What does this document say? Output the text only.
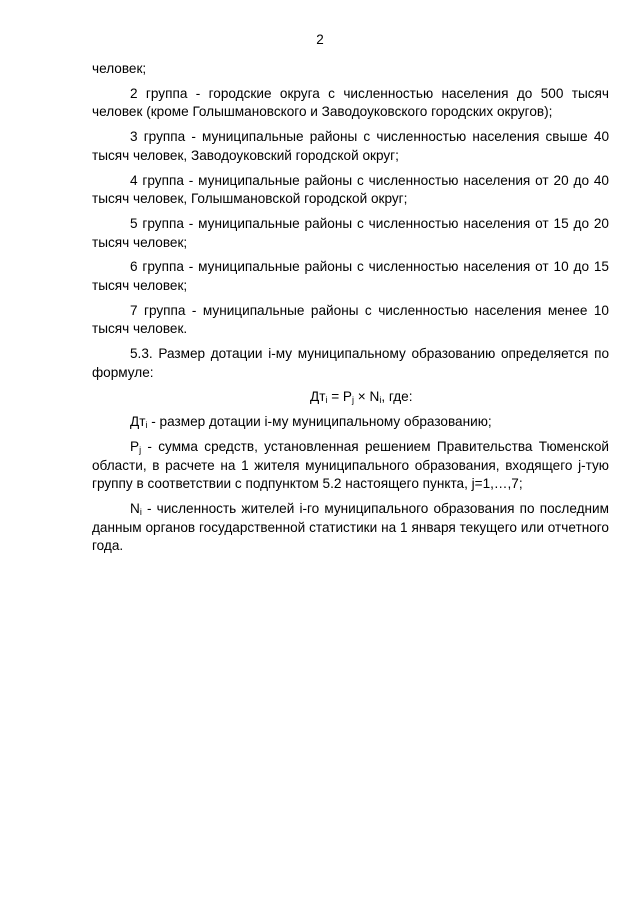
2

человек;

2 группа - городские округа с численностью населения до 500 тысяч человек (кроме Голышмановского и Заводоуковского городских округов);

3 группа - муниципальные районы с численностью населения свыше 40 тысяч человек, Заводоуковский городской округ;

4 группа - муниципальные районы с численностью населения от 20 до 40 тысяч человек, Голышмановской городской округ;

5 группа - муниципальные районы с численностью населения от 15 до 20 тысяч человек;

6 группа - муниципальные районы с численностью населения от 10 до 15 тысяч человек;

7 группа - муниципальные районы с численностью населения менее 10 тысяч человек.

5.3. Размер дотации i-му муниципальному образованию определяется по формуле:

$Дт_i = P_j \times N_i$, где:

$Дт_i$ - размер дотации i-му муниципальному образованию;

$P_j$ - сумма средств, установленная решением Правительства Тюменской области, в расчете на 1 жителя муниципального образования, входящего j-тую группу в соответствии с подпунктом 5.2 настоящего пункта, j=1,…,7;

$N_i$ - численность жителей i-го муниципального образования по последним данным органов государственной статистики на 1 января текущего или отчетного года.
